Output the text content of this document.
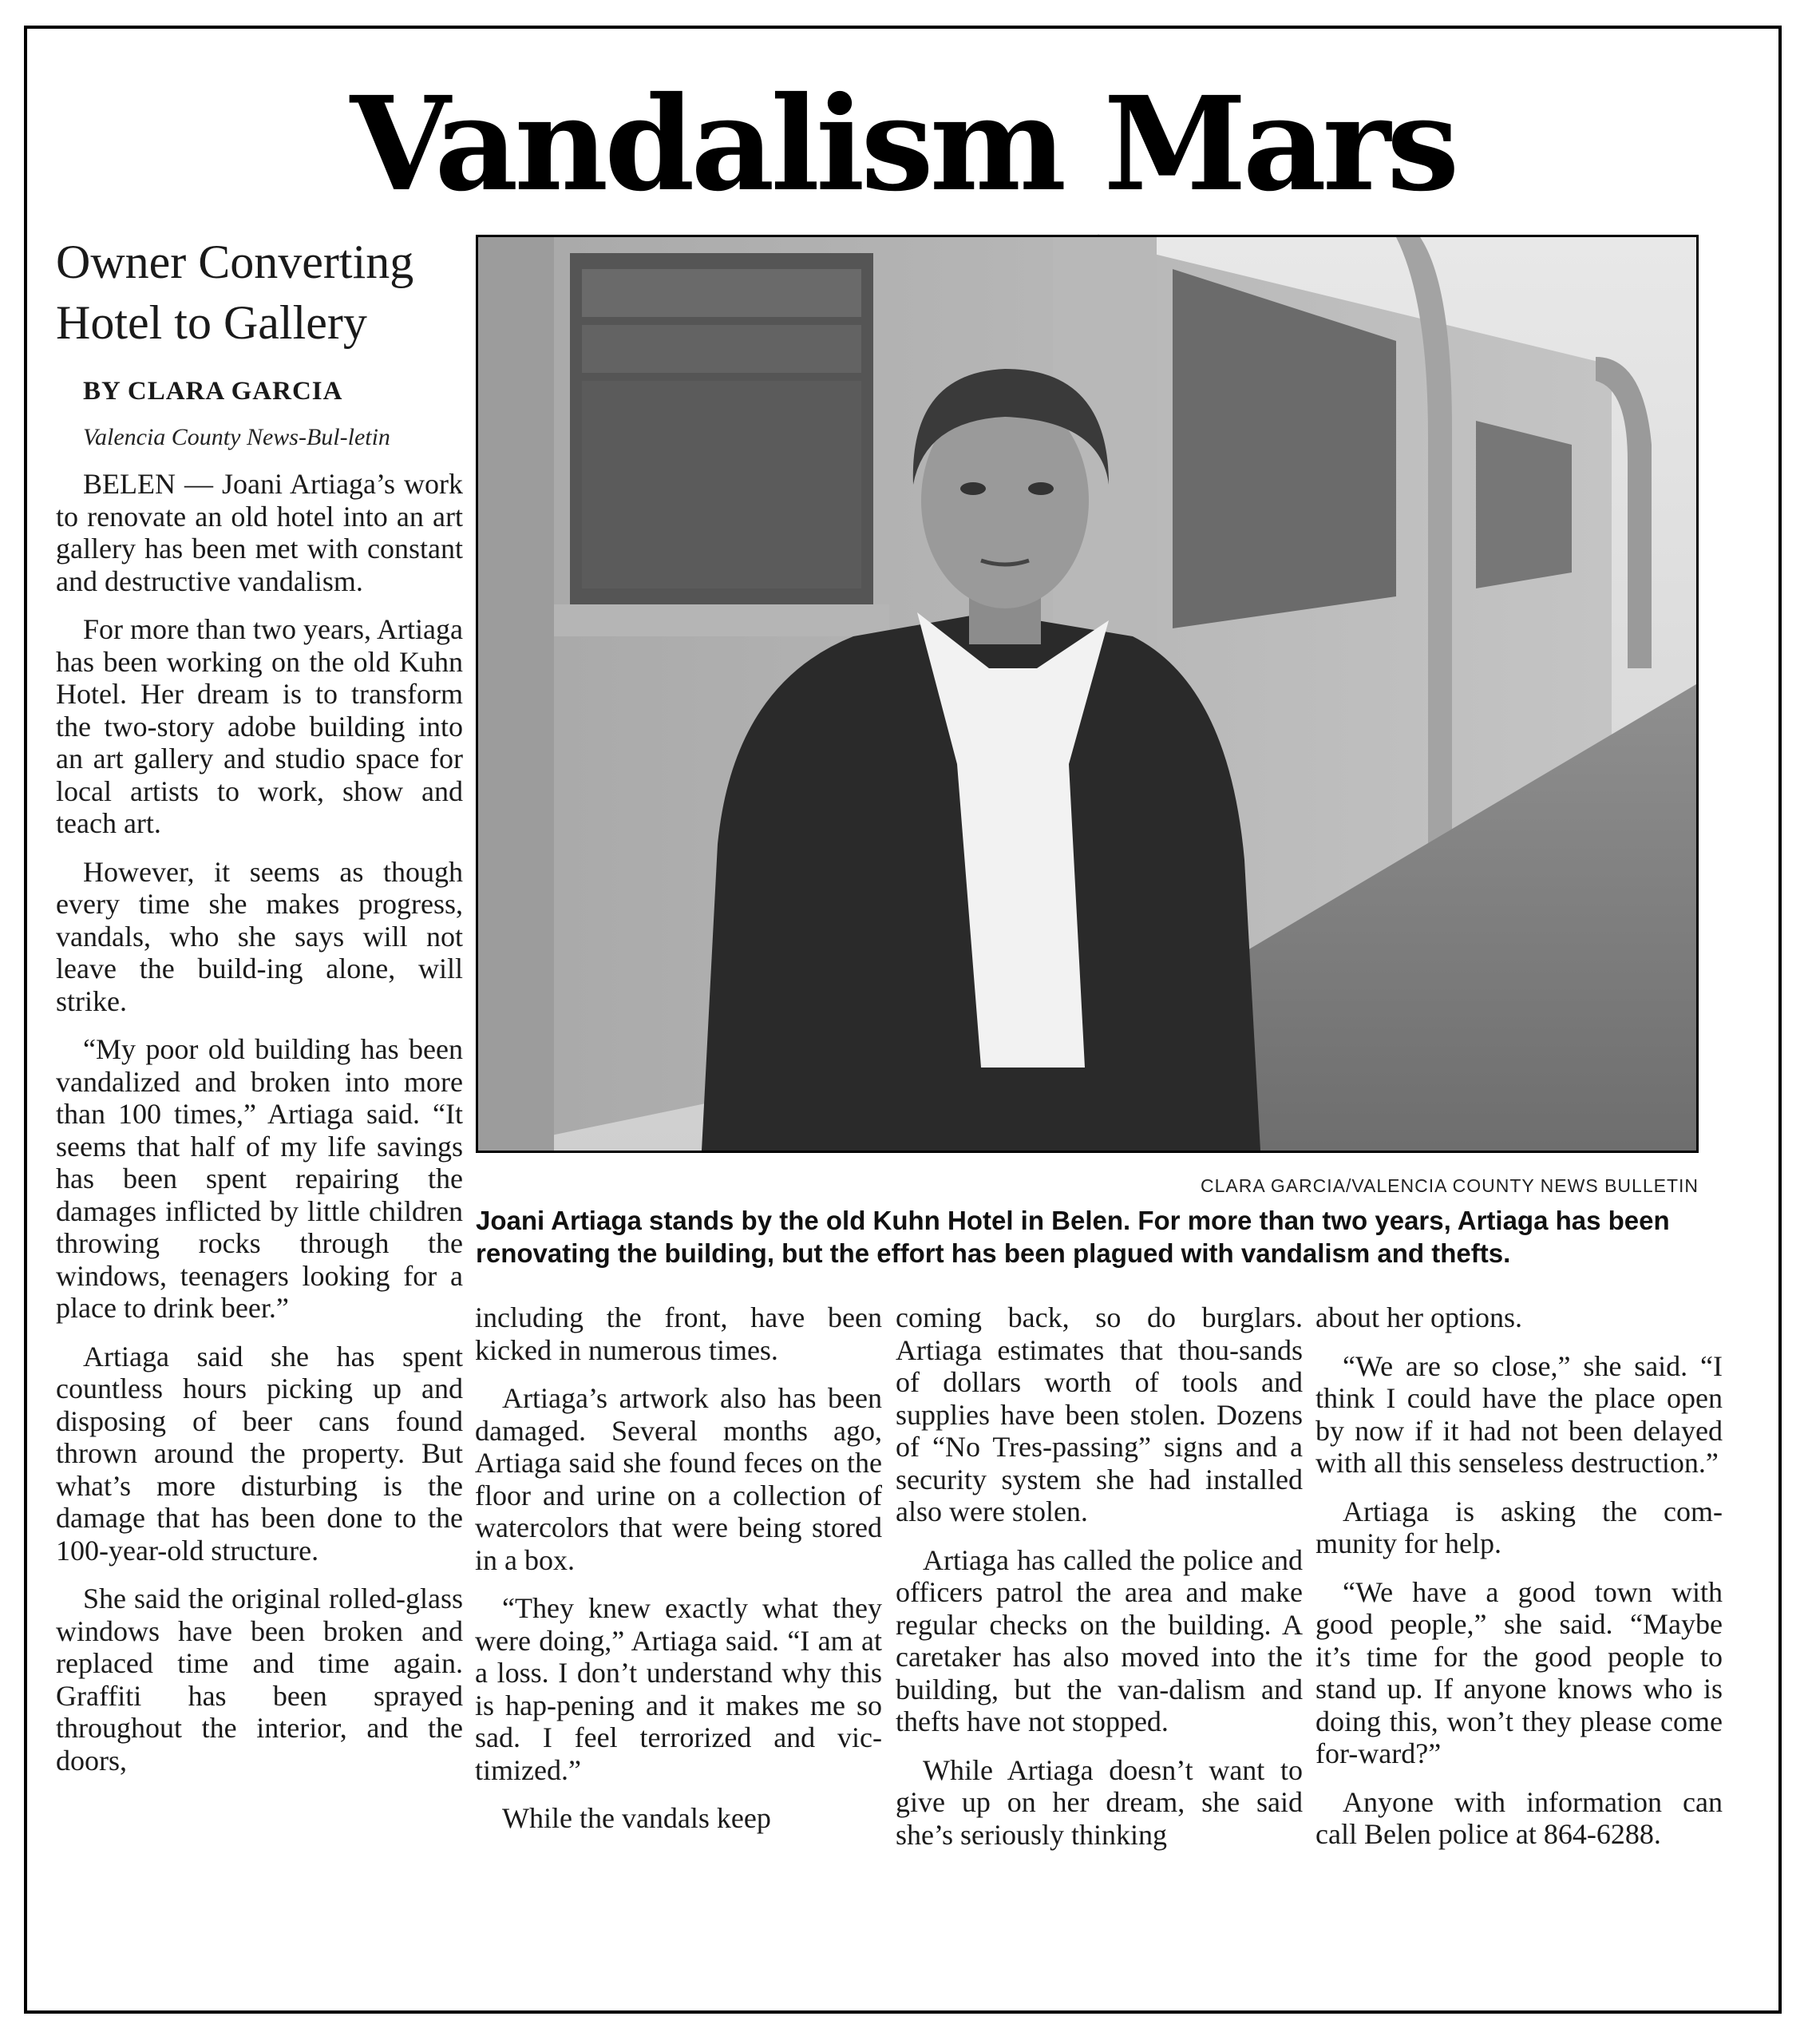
Vandalism Mars
Owner Converting
Hotel to Gallery

BY CLARA GARCIA

Valencia County News-Bul-letin

BELEN — Joani Artiaga’s work to renovate an old hotel into an art gallery has been met with constant and destructive vandalism.

For more than two years, Artiaga has been working on the old Kuhn Hotel. Her dream is to transform the two-story adobe building into an art gallery and studio space for local artists to work, show and teach art.

However, it seems as though every time she makes progress, vandals, who she says will not leave the build-ing alone, will strike.

“My poor old building has been vandalized and broken into more than 100 times,” Artiaga said. “It seems that half of my life savings has been spent repairing the damages inflicted by little children throwing rocks through the windows, teenagers looking for a place to drink beer.”

Artiaga said she has spent countless hours picking up and disposing of beer cans found thrown around the property. But what’s more disturbing is the damage that has been done to the 100-year-old structure.

She said the original rolled-glass windows have been broken and replaced time and time again. Graffiti has been sprayed throughout the interior, and the doors,

CLARA GARCIA/VALENCIA COUNTY NEWS BULLETIN

Joani Artiaga stands by the old Kuhn Hotel in Belen. For more than two years, Artiaga has been renovating the building, but the effort has been plagued with vandalism and thefts.

including the front, have been kicked in numerous times.

Artiaga’s artwork also has been damaged. Several months ago, Artiaga said she found feces on the floor and urine on a collection of watercolors that were being stored in a box.

“They knew exactly what they were doing,” Artiaga said. “I am at a loss. I don’t understand why this is hap-pening and it makes me so sad. I feel terrorized and vic-timized.”

While the vandals keep

coming back, so do burglars. Artiaga estimates that thou-sands of dollars worth of tools and supplies have been stolen. Dozens of “No Tres-passing” signs and a security system she had installed also were stolen.

Artiaga has called the police and officers patrol the area and make regular checks on the building. A caretaker has also moved into the building, but the van-dalism and thefts have not stopped.

While Artiaga doesn’t want to give up on her dream, she said she’s seriously thinking

about her options.

“We are so close,” she said. “I think I could have the place open by now if it had not been delayed with all this senseless destruction.”

Artiaga is asking the com-munity for help.

“We have a good town with good people,” she said. “Maybe it’s time for the good people to stand up. If anyone knows who is doing this, won’t they please come for-ward?”

Anyone with information can call Belen police at 864-6288.
